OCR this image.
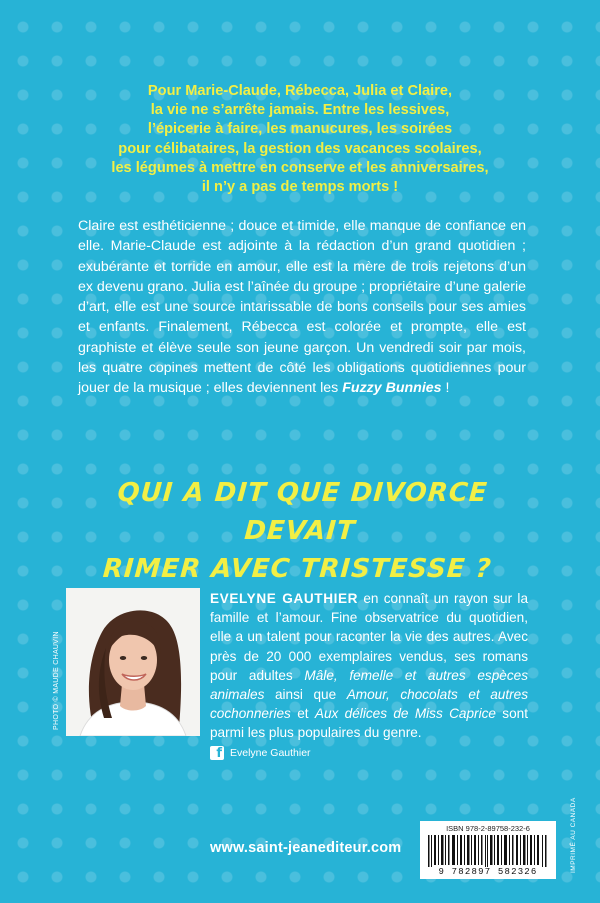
Pour Marie-Claude, Rébecca, Julia et Claire,
la vie ne s’arrête jamais. Entre les lessives,
l’épicerie à faire, les manucures, les soirées
pour célibataires, la gestion des vacances scolaires,
les légumes à mettre en conserve et les anniversaires,
il n’y a pas de temps morts !

Claire est esthéticienne ; douce et timide, elle manque de confiance en elle. Marie-Claude est adjointe à la rédaction d’un grand quotidien ; exubérante et torride en amour, elle est la mère de trois rejetons d’un ex devenu grano. Julia est l’aînée du groupe ; propriétaire d’une galerie d’art, elle est une source intarissable de bons conseils pour ses amies et enfants. Finalement, Rébecca est colorée et prompte, elle est graphiste et élève seule son jeune garçon. Un vendredi soir par mois, les quatre copines mettent de côté les obligations quotidiennes pour jouer de la musique ; elles deviennent les Fuzzy Bunnies !

QUI A DIT QUE DIVORCE DEVAIT
RIMER AVEC TRISTESSE ?
PHOTO © MAUDE CHAUVIN

EVELYNE GAUTHIER en connaît un rayon sur la famille et l’amour. Fine observatrice du quotidien, elle a un talent pour raconter la vie des autres. Avec près de 20 000 exemplaires vendus, ses romans pour adultes Mâle, femelle et autres espèces animales ainsi que Amour, chocolats et autres cochonneries et Aux délices de Miss Caprice sont parmi les plus populaires du genre.

f Evelyne Gauthier
www.saint-jeanediteur.com
ISBN 978-2-89758-232-6
9 782897 582326	IMPRIMÉ AU CANADA
